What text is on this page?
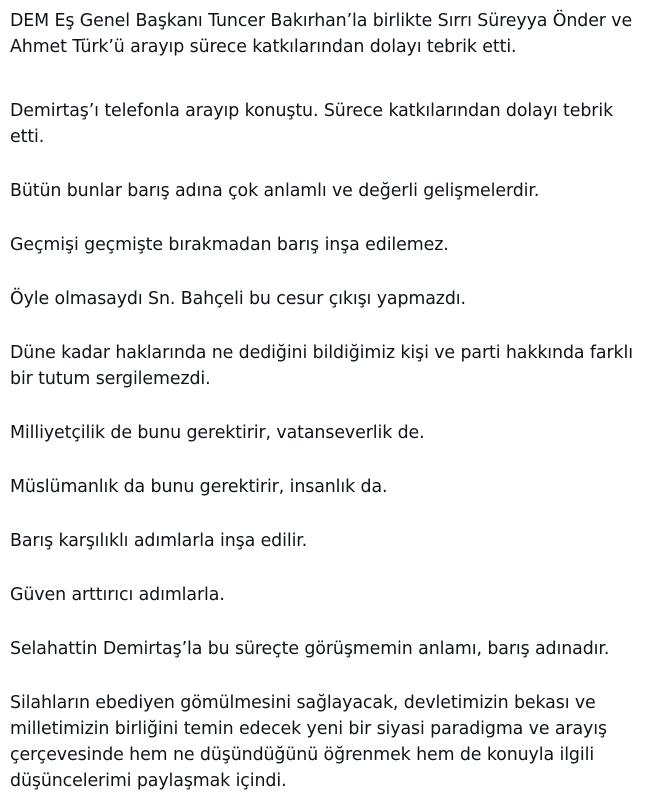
DEM Eş Genel Başkanı Tuncer Bakırhan’la birlikte Sırrı Süreyya Önder ve
Ahmet Türk’ü arayıp sürece katkılarından dolayı tebrik etti.

Demirtaş’ı telefonla arayıp konuştu. Sürece katkılarından dolayı tebrik
etti.

Bütün bunlar barış adına çok anlamlı ve değerli gelişmelerdir.

Geçmişi geçmişte bırakmadan barış inşa edilemez.

Öyle olmasaydı Sn. Bahçeli bu cesur çıkışı yapmazdı.

Düne kadar haklarında ne dediğini bildiğimiz kişi ve parti hakkında farklı
bir tutum sergilemezdi.

Milliyetçilik de bunu gerektirir, vatanseverlik de.

Müslümanlık da bunu gerektirir, insanlık da.

Barış karşılıklı adımlarla inşa edilir.

Güven arttırıcı adımlarla.

Selahattin Demirtaş’la bu süreçte görüşmemin anlamı, barış adınadır.

Silahların ebediyen gömülmesini sağlayacak, devletimizin bekası ve
milletimizin birliğini temin edecek yeni bir siyasi paradigma ve arayış
çerçevesinde hem ne düşündüğünü öğrenmek hem de konuyla ilgili
düşüncelerimi paylaşmak içindi.
